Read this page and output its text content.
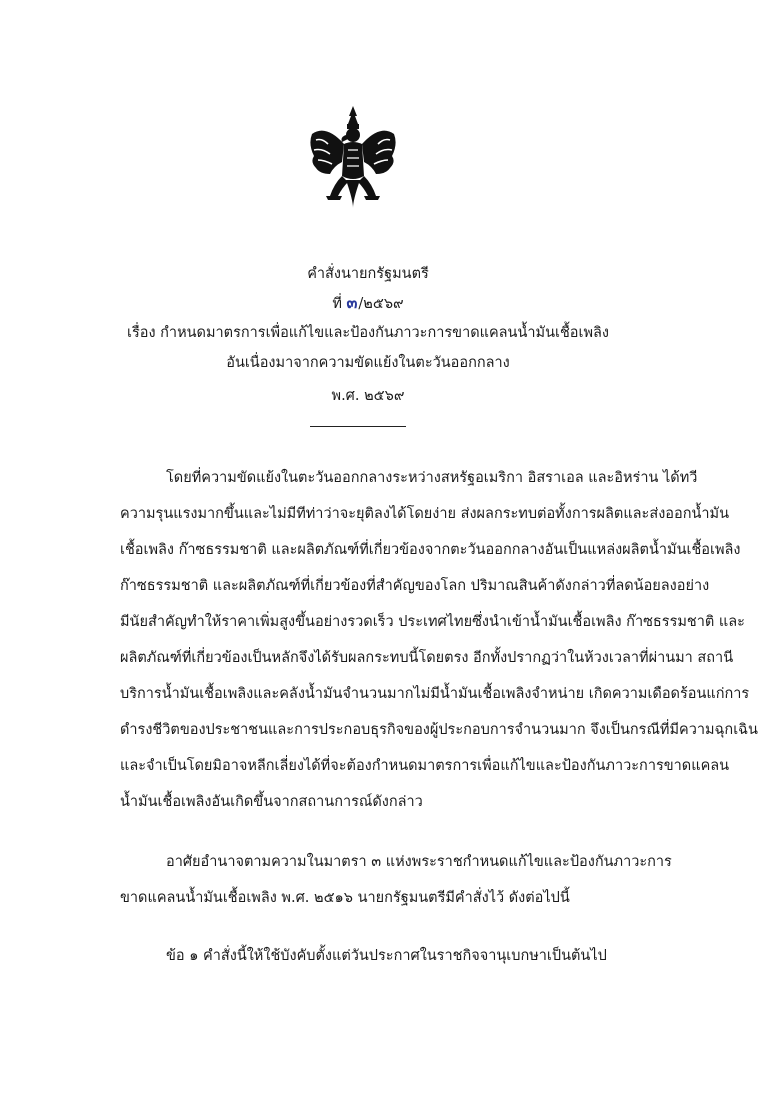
คำสั่งนายกรัฐมนตรี
ที่ ๓/๒๕๖๙
เรื่อง กำหนดมาตรการเพื่อแก้ไขและป้องกันภาวะการขาดแคลนน้ำมันเชื้อเพลิง
อันเนื่องมาจากความขัดแย้งในตะวันออกกลาง
พ.ศ. ๒๕๖๙
โดยที่ความขัดแย้งในตะวันออกกลางระหว่างสหรัฐอเมริกา อิสราเอล และอิหร่าน ได้ทวี
ความรุนแรงมากขึ้นและไม่มีทีท่าว่าจะยุติลงได้โดยง่าย ส่งผลกระทบต่อทั้งการผลิตและส่งออกน้ำมัน
เชื้อเพลิง ก๊าซธรรมชาติ และผลิตภัณฑ์ที่เกี่ยวข้องจากตะวันออกกลางอันเป็นแหล่งผลิตน้ำมันเชื้อเพลิง
ก๊าซธรรมชาติ และผลิตภัณฑ์ที่เกี่ยวข้องที่สำคัญของโลก ปริมาณสินค้าดังกล่าวที่ลดน้อยลงอย่าง
มีนัยสำคัญทำให้ราคาเพิ่มสูงขึ้นอย่างรวดเร็ว ประเทศไทยซึ่งนำเข้าน้ำมันเชื้อเพลิง ก๊าซธรรมชาติ และ
ผลิตภัณฑ์ที่เกี่ยวข้องเป็นหลักจึงได้รับผลกระทบนี้โดยตรง อีกทั้งปรากฏว่าในห้วงเวลาที่ผ่านมา สถานี
บริการน้ำมันเชื้อเพลิงและคลังน้ำมันจำนวนมากไม่มีน้ำมันเชื้อเพลิงจำหน่าย เกิดความเดือดร้อนแก่การ
ดำรงชีวิตของประชาชนและการประกอบธุรกิจของผู้ประกอบการจำนวนมาก จึงเป็นกรณีที่มีความฉุกเฉิน
และจำเป็นโดยมิอาจหลีกเลี่ยงได้ที่จะต้องกำหนดมาตรการเพื่อแก้ไขและป้องกันภาวะการขาดแคลน
น้ำมันเชื้อเพลิงอันเกิดขึ้นจากสถานการณ์ดังกล่าว
อาศัยอำนาจตามความในมาตรา ๓ แห่งพระราชกำหนดแก้ไขและป้องกันภาวะการ
ขาดแคลนน้ำมันเชื้อเพลิง พ.ศ. ๒๕๑๖ นายกรัฐมนตรีมีคำสั่งไว้ ดังต่อไปนี้
ข้อ ๑ คำสั่งนี้ให้ใช้บังคับตั้งแต่วันประกาศในราชกิจจานุเบกษาเป็นต้นไป
